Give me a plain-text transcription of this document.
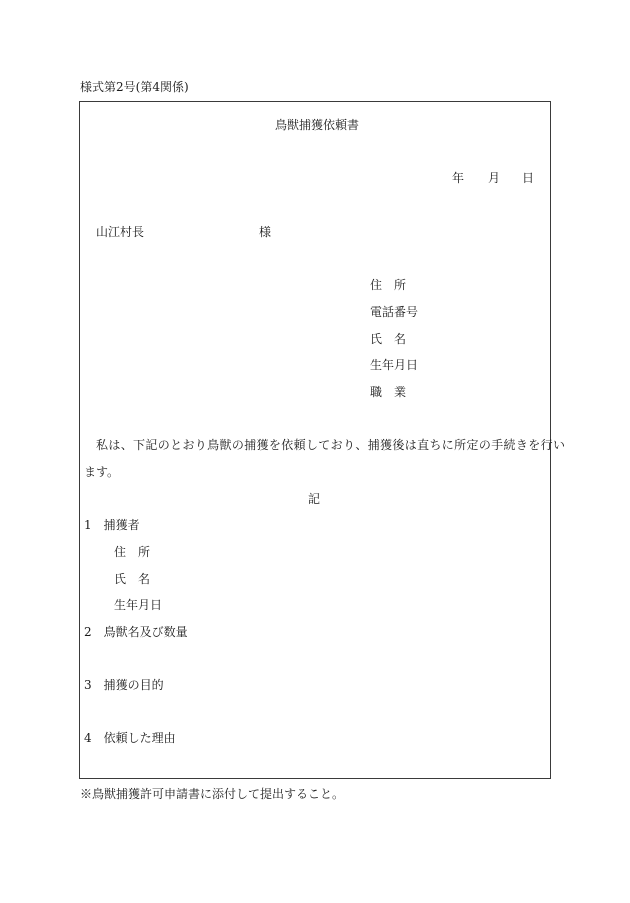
様式第2号(第4関係)
鳥獣捕獲依頼書
年 月 日
山江村長	様
住　所
電話番号
氏　名
生年月日
職　業
私は、下記のとおり鳥獣の捕獲を依頼しており、捕獲後は直ちに所定の手続きを行い
ます。
記
1　捕獲者
住　所
氏　名
生年月日
2　鳥獣名及び数量
3　捕獲の目的
4　依頼した理由
※鳥獣捕獲許可申請書に添付して提出すること。
